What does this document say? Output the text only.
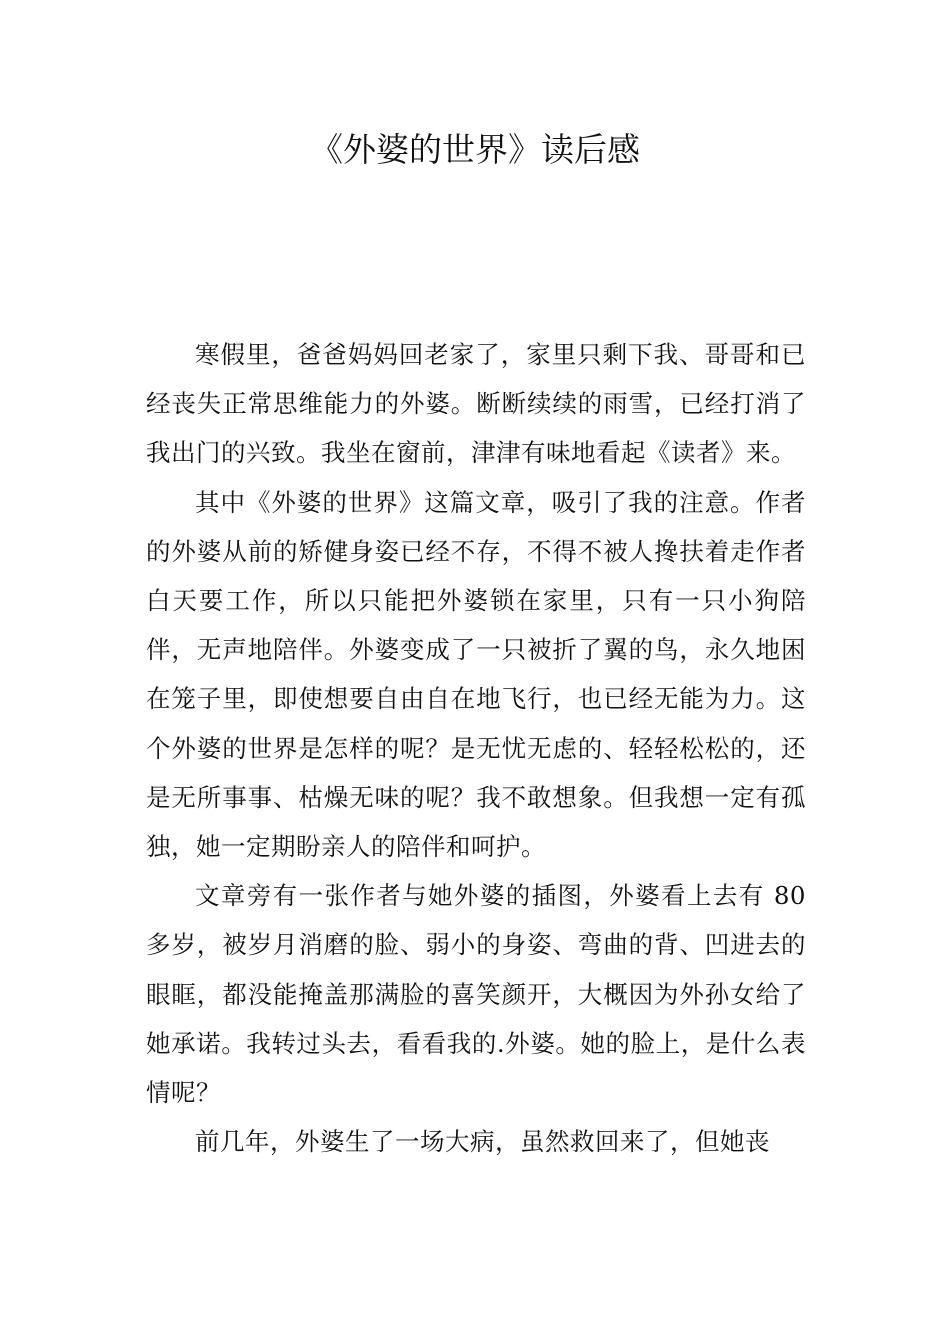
《外婆的世界》读后感

寒假里，爸爸妈妈回老家了，家里只剩下我、哥哥和已经丧失正常思维能力的外婆。断断续续的雨雪，已经打消了我出门的兴致。我坐在窗前，津津有味地看起《读者》来。

其中《外婆的世界》这篇文章，吸引了我的注意。作者的外婆从前的矫健身姿已经不存，不得不被人搀扶着走作者白天要工作，所以只能把外婆锁在家里，只有一只小狗陪伴，无声地陪伴。外婆变成了一只被折了翼的鸟，永久地困在笼子里，即使想要自由自在地飞行，也已经无能为力。这个外婆的世界是怎样的呢？是无忧无虑的、轻轻松松的，还是无所事事、枯燥无味的呢？我不敢想象。但我想一定有孤独，她一定期盼亲人的陪伴和呵护。

文章旁有一张作者与她外婆的插图，外婆看上去有 80 多岁，被岁月消磨的脸、弱小的身姿、弯曲的背、凹进去的眼眶，都没能掩盖那满脸的喜笑颜开，大概因为外孙女给了她承诺。我转过头去，看看我的.外婆。她的脸上，是什么表情呢？

前几年，外婆生了一场大病，虽然救回来了，但她丧
